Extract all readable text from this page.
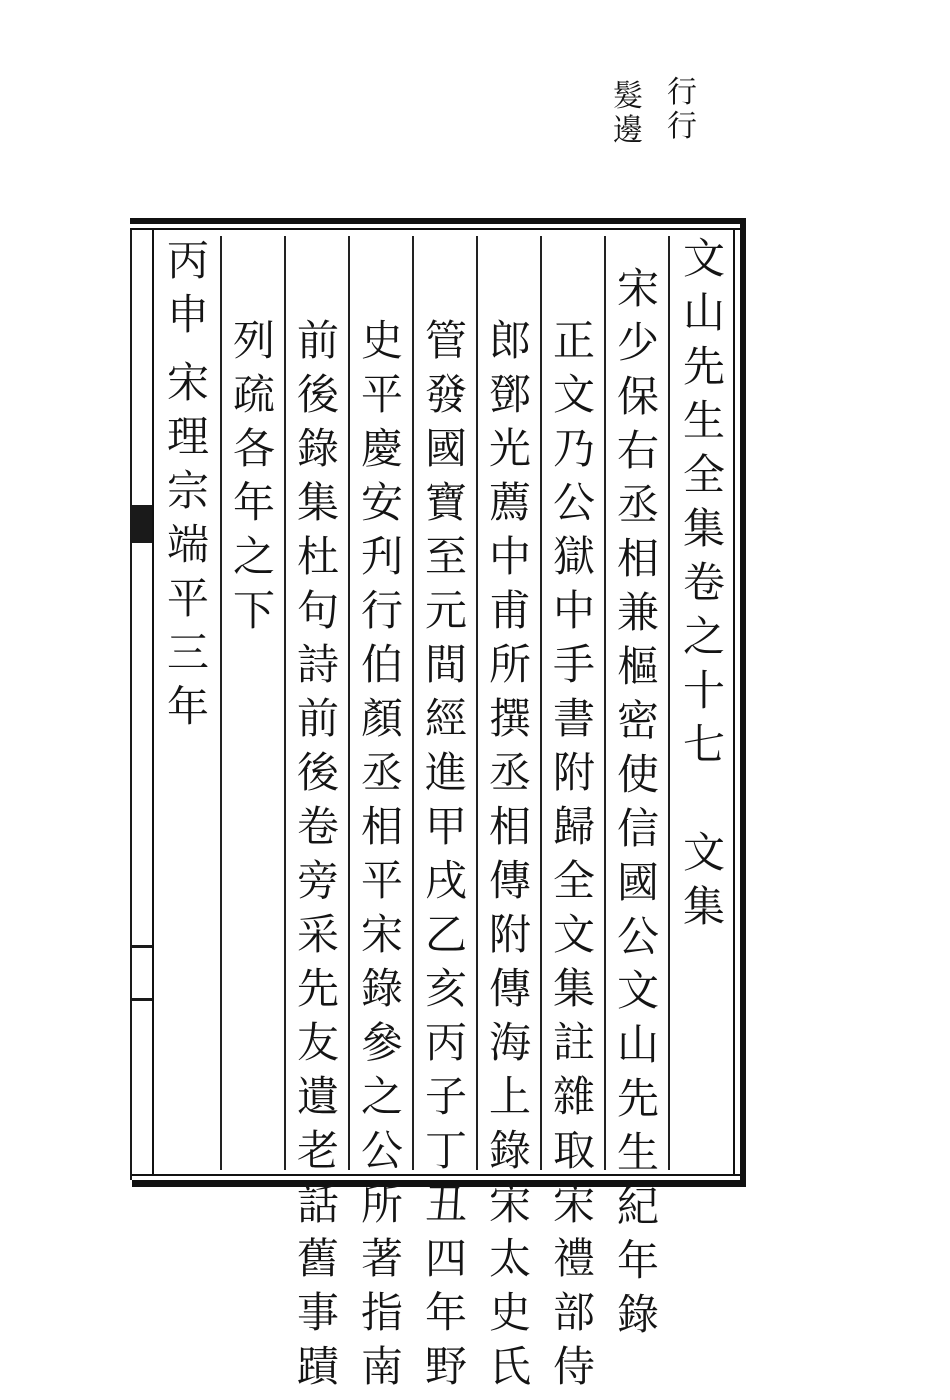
行
行
髮
邊
文
山
先
生
全
集
卷
之
十
七
文
集
宋
少
保
右
丞
相
兼
樞
密
使
信
國
公
文
山
先
生
紀
年
錄
正
文
乃
公
獄
中
手
書
附
歸
全
文
集
註
雜
取
宋
禮
部
侍
郎
鄧
光
薦
中
甫
所
撰
丞
相
傳
附
傳
海
上
錄
宋
太
史
氏
管
發
國
寶
至
元
間
經
進
甲
戌
乙
亥
丙
子
丁
丑
四
年
野
史
平
慶
安
刋
行
伯
顏
丞
相
平
宋
錄
參
之
公
所
著
指
南
前
後
錄
集
杜
句
詩
前
後
卷
旁
采
先
友
遺
老
話
舊
事
蹟
列
疏
各
年
之
下
丙
申
宋
理
宗
端
平
三
年
